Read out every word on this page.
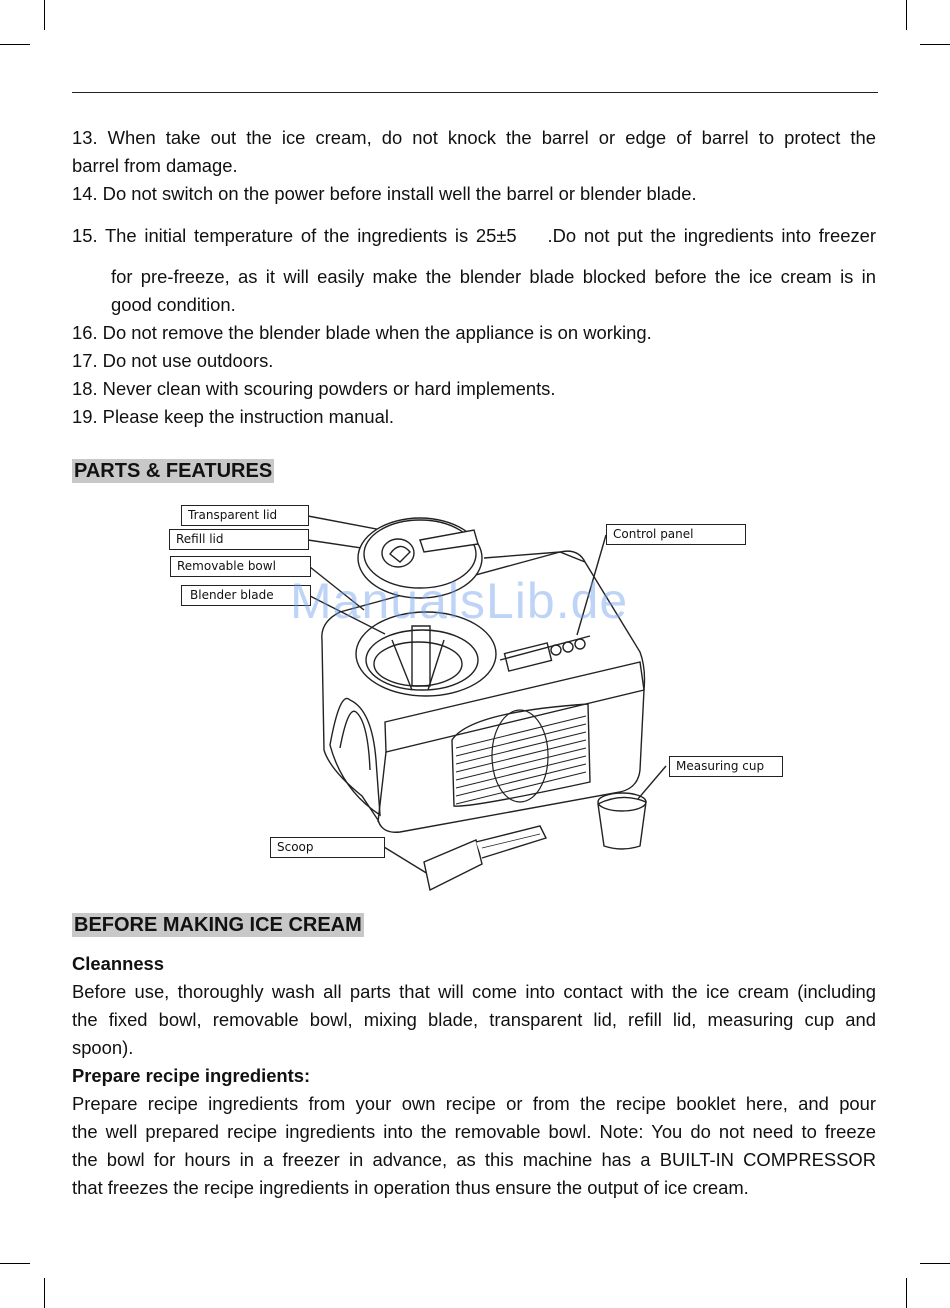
13. When take out the ice cream, do not knock the barrel or edge of barrel to protect the
barrel from damage.
14. Do not switch on the power before install well the barrel or blender blade.
15. The initial temperature of the ingredients is 25±5    .Do not put the ingredients into freezer
for pre-freeze, as it will easily make the blender blade blocked before the ice cream is in
good condition.
16. Do not remove the blender blade when the appliance is on working.
17. Do not use outdoors.
18. Never clean with scouring powders or hard implements.
19. Please keep the instruction manual.
PARTS & FEATURES
Transparent lid
Refill lid
Removable bowl
Blender blade
Control panel
Measuring cup
Scoop
ManualsLib.de
BEFORE MAKING ICE CREAM
Cleanness
Before use, thoroughly wash all parts that will come into contact with the ice cream (including
the fixed bowl, removable bowl, mixing blade, transparent lid, refill lid, measuring cup and
spoon).
Prepare recipe ingredients:
Prepare recipe ingredients from your own recipe or from the recipe booklet here, and pour
the well prepared recipe ingredients into the removable bowl. Note: You do not need to freeze
the bowl for hours in a freezer in advance, as this machine has a BUILT-IN COMPRESSOR
that freezes the recipe ingredients in operation thus ensure the output of ice cream.
